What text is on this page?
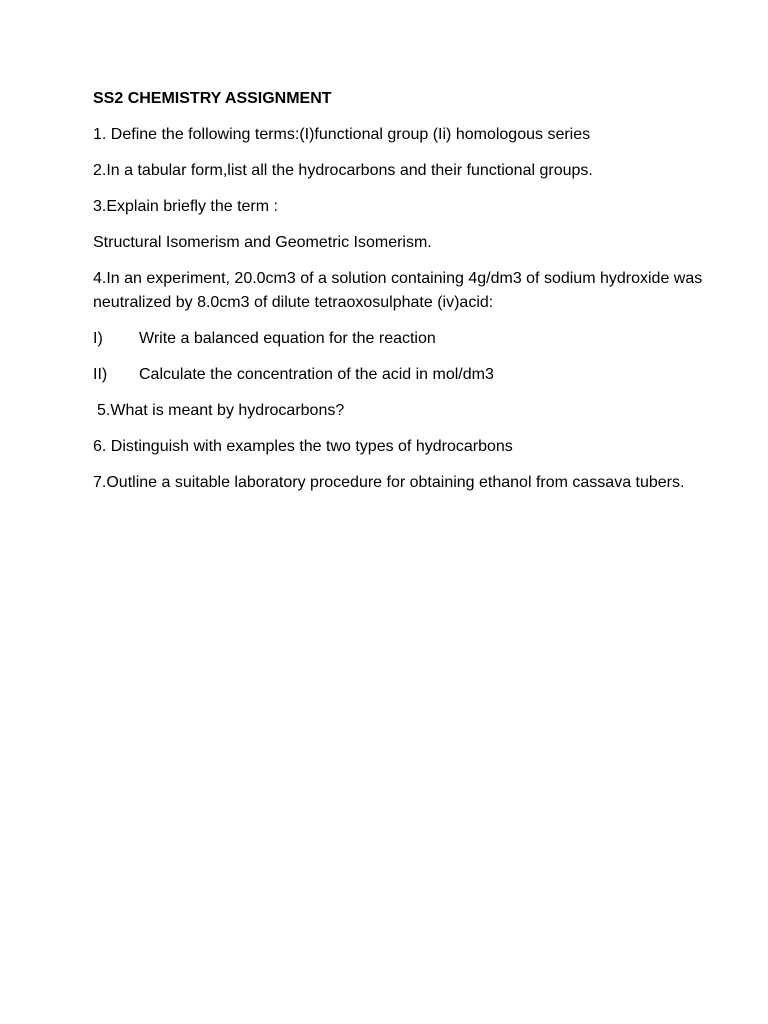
SS2 CHEMISTRY ASSIGNMENT

1. Define the following terms:(I)functional group (Ii) homologous series

2.In a tabular form,list all the hydrocarbons and their functional groups.

3.Explain briefly the term :

Structural Isomerism and Geometric Isomerism.

4.In an experiment, 20.0cm3 of a solution containing 4g/dm3 of sodium hydroxide was neutralized by 8.0cm3 of dilute tetraoxosulphate (iv)acid:

I)	Write a balanced equation for the reaction
II)	Calculate the concentration of the acid in mol/dm3

5.What is meant by hydrocarbons?

6. Distinguish with examples the two types of hydrocarbons

7.Outline a suitable laboratory procedure for obtaining ethanol from cassava tubers.
